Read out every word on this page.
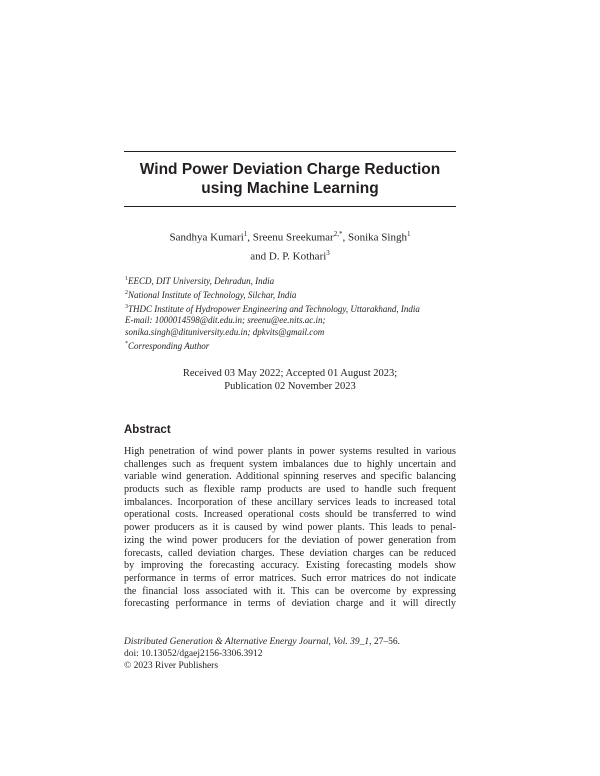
Wind Power Deviation Charge Reduction
using Machine Learning
Sandhya Kumari$^1$, Sreenu Sreekumar$^{2,*}$, Sonika Singh$^1$
and D. P. Kothari$^3$
$^1$EECD, DIT University, Dehradun, India
$^2$National Institute of Technology, Silchar, India
$^3$THDC Institute of Hydropower Engineering and Technology, Uttarakhand, India
E-mail: 1000014598@dit.edu.in; sreenu@ee.nits.ac.in;
sonika.singh@dituniversity.edu.in; dpkvits@gmail.com
*Corresponding Author
Received 03 May 2022; Accepted 01 August 2023;
Publication 02 November 2023
Abstract
High penetration of wind power plants in power systems resulted in various
challenges such as frequent system imbalances due to highly uncertain and
variable wind generation. Additional spinning reserves and specific balancing
products such as flexible ramp products are used to handle such frequent
imbalances. Incorporation of these ancillary services leads to increased total
operational costs. Increased operational costs should be transferred to wind
power producers as it is caused by wind power plants. This leads to penal-
izing the wind power producers for the deviation of power generation from
forecasts, called deviation charges. These deviation charges can be reduced
by improving the forecasting accuracy. Existing forecasting models show
performance in terms of error matrices. Such error matrices do not indicate
the financial loss associated with it. This can be overcome by expressing
forecasting performance in terms of deviation charge and it will directly
Distributed Generation & Alternative Energy Journal, Vol. 39_1, 27–56.
doi: 10.13052/dgaej2156-3306.3912
© 2023 River Publishers
